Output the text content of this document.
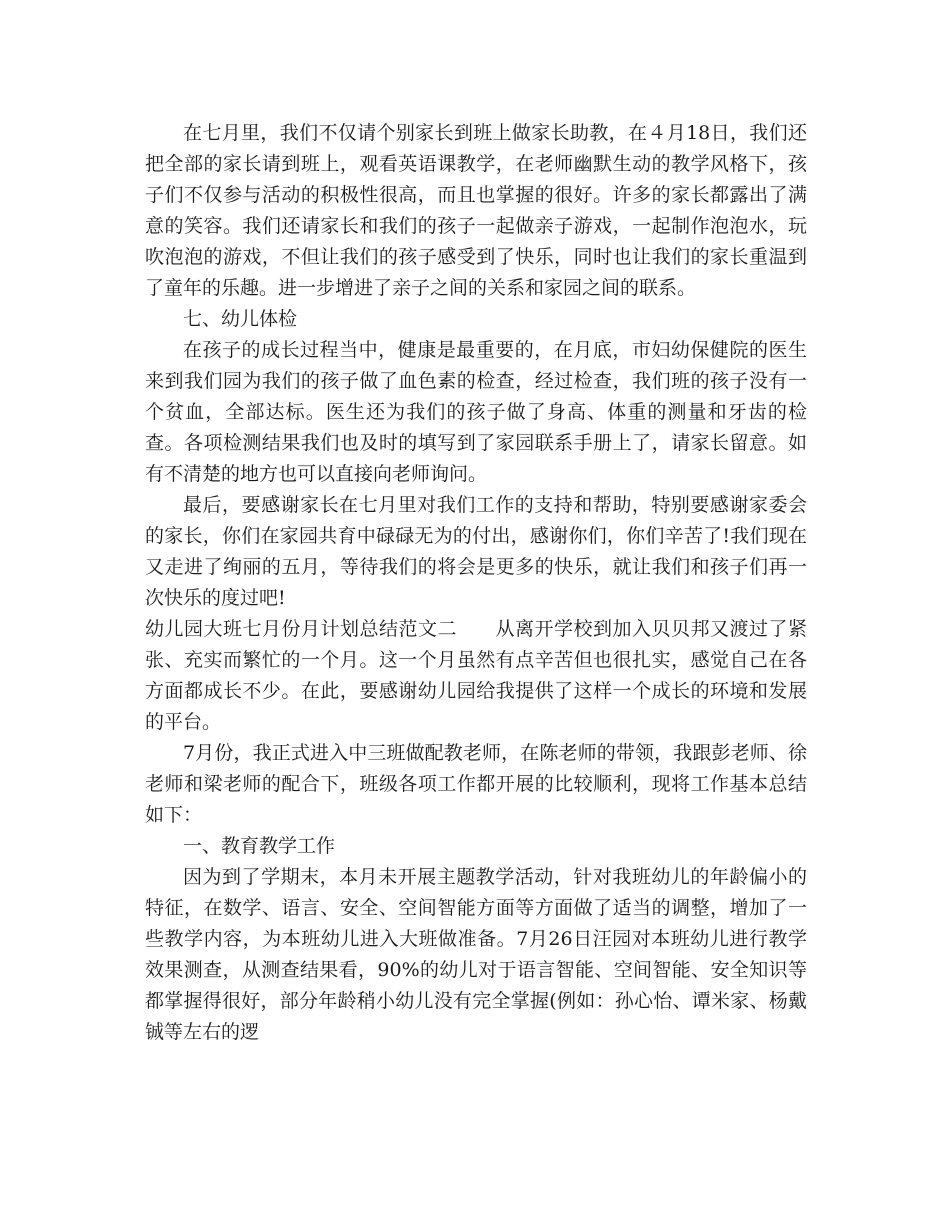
在七月里，我们不仅请个别家长到班上做家长助教，在４月18日，我们还把全部的家长请到班上，观看英语课教学，在老师幽默生动的教学风格下，孩子们不仅参与活动的积极性很高，而且也掌握的很好。许多的家长都露出了满意的笑容。我们还请家长和我们的孩子一起做亲子游戏，一起制作泡泡水，玩吹泡泡的游戏，不但让我们的孩子感受到了快乐，同时也让我们的家长重温到了童年的乐趣。进一步增进了亲子之间的关系和家园之间的联系。

七、幼儿体检

在孩子的成长过程当中，健康是最重要的，在月底，市妇幼保健院的医生来到我们园为我们的孩子做了血色素的检查，经过检查，我们班的孩子没有一个贫血，全部达标。医生还为我们的孩子做了身高、体重的测量和牙齿的检查。各项检测结果我们也及时的填写到了家园联系手册上了，请家长留意。如有不清楚的地方也可以直接向老师询问。

最后，要感谢家长在七月里对我们工作的支持和帮助，特别要感谢家委会的家长，你们在家园共育中碌碌无为的付出，感谢你们，你们辛苦了!我们现在又走进了绚丽的五月，等待我们的将会是更多的快乐，就让我们和孩子们再一次快乐的度过吧!

幼儿园大班七月份月计划总结范文二 从离开学校到加入贝贝邦又渡过了紧张、充实而繁忙的一个月。这一个月虽然有点辛苦但也很扎实，感觉自己在各方面都成长不少。在此，要感谢幼儿园给我提供了这样一个成长的环境和发展的平台。

7月份，我正式进入中三班做配教老师，在陈老师的带领，我跟彭老师、徐老师和梁老师的配合下，班级各项工作都开展的比较顺利，现将工作基本总结如下：

一、教育教学工作

因为到了学期末，本月未开展主题教学活动，针对我班幼儿的年龄偏小的特征，在数学、语言、安全、空间智能方面等方面做了适当的调整，增加了一些教学内容，为本班幼儿进入大班做准备。7月26日汪园对本班幼儿进行教学效果测查，从测查结果看，90%的幼儿对于语言智能、空间智能、安全知识等都掌握得很好，部分年龄稍小幼儿没有完全掌握(例如：孙心怡、谭米家、杨戴铖等左右的逻
